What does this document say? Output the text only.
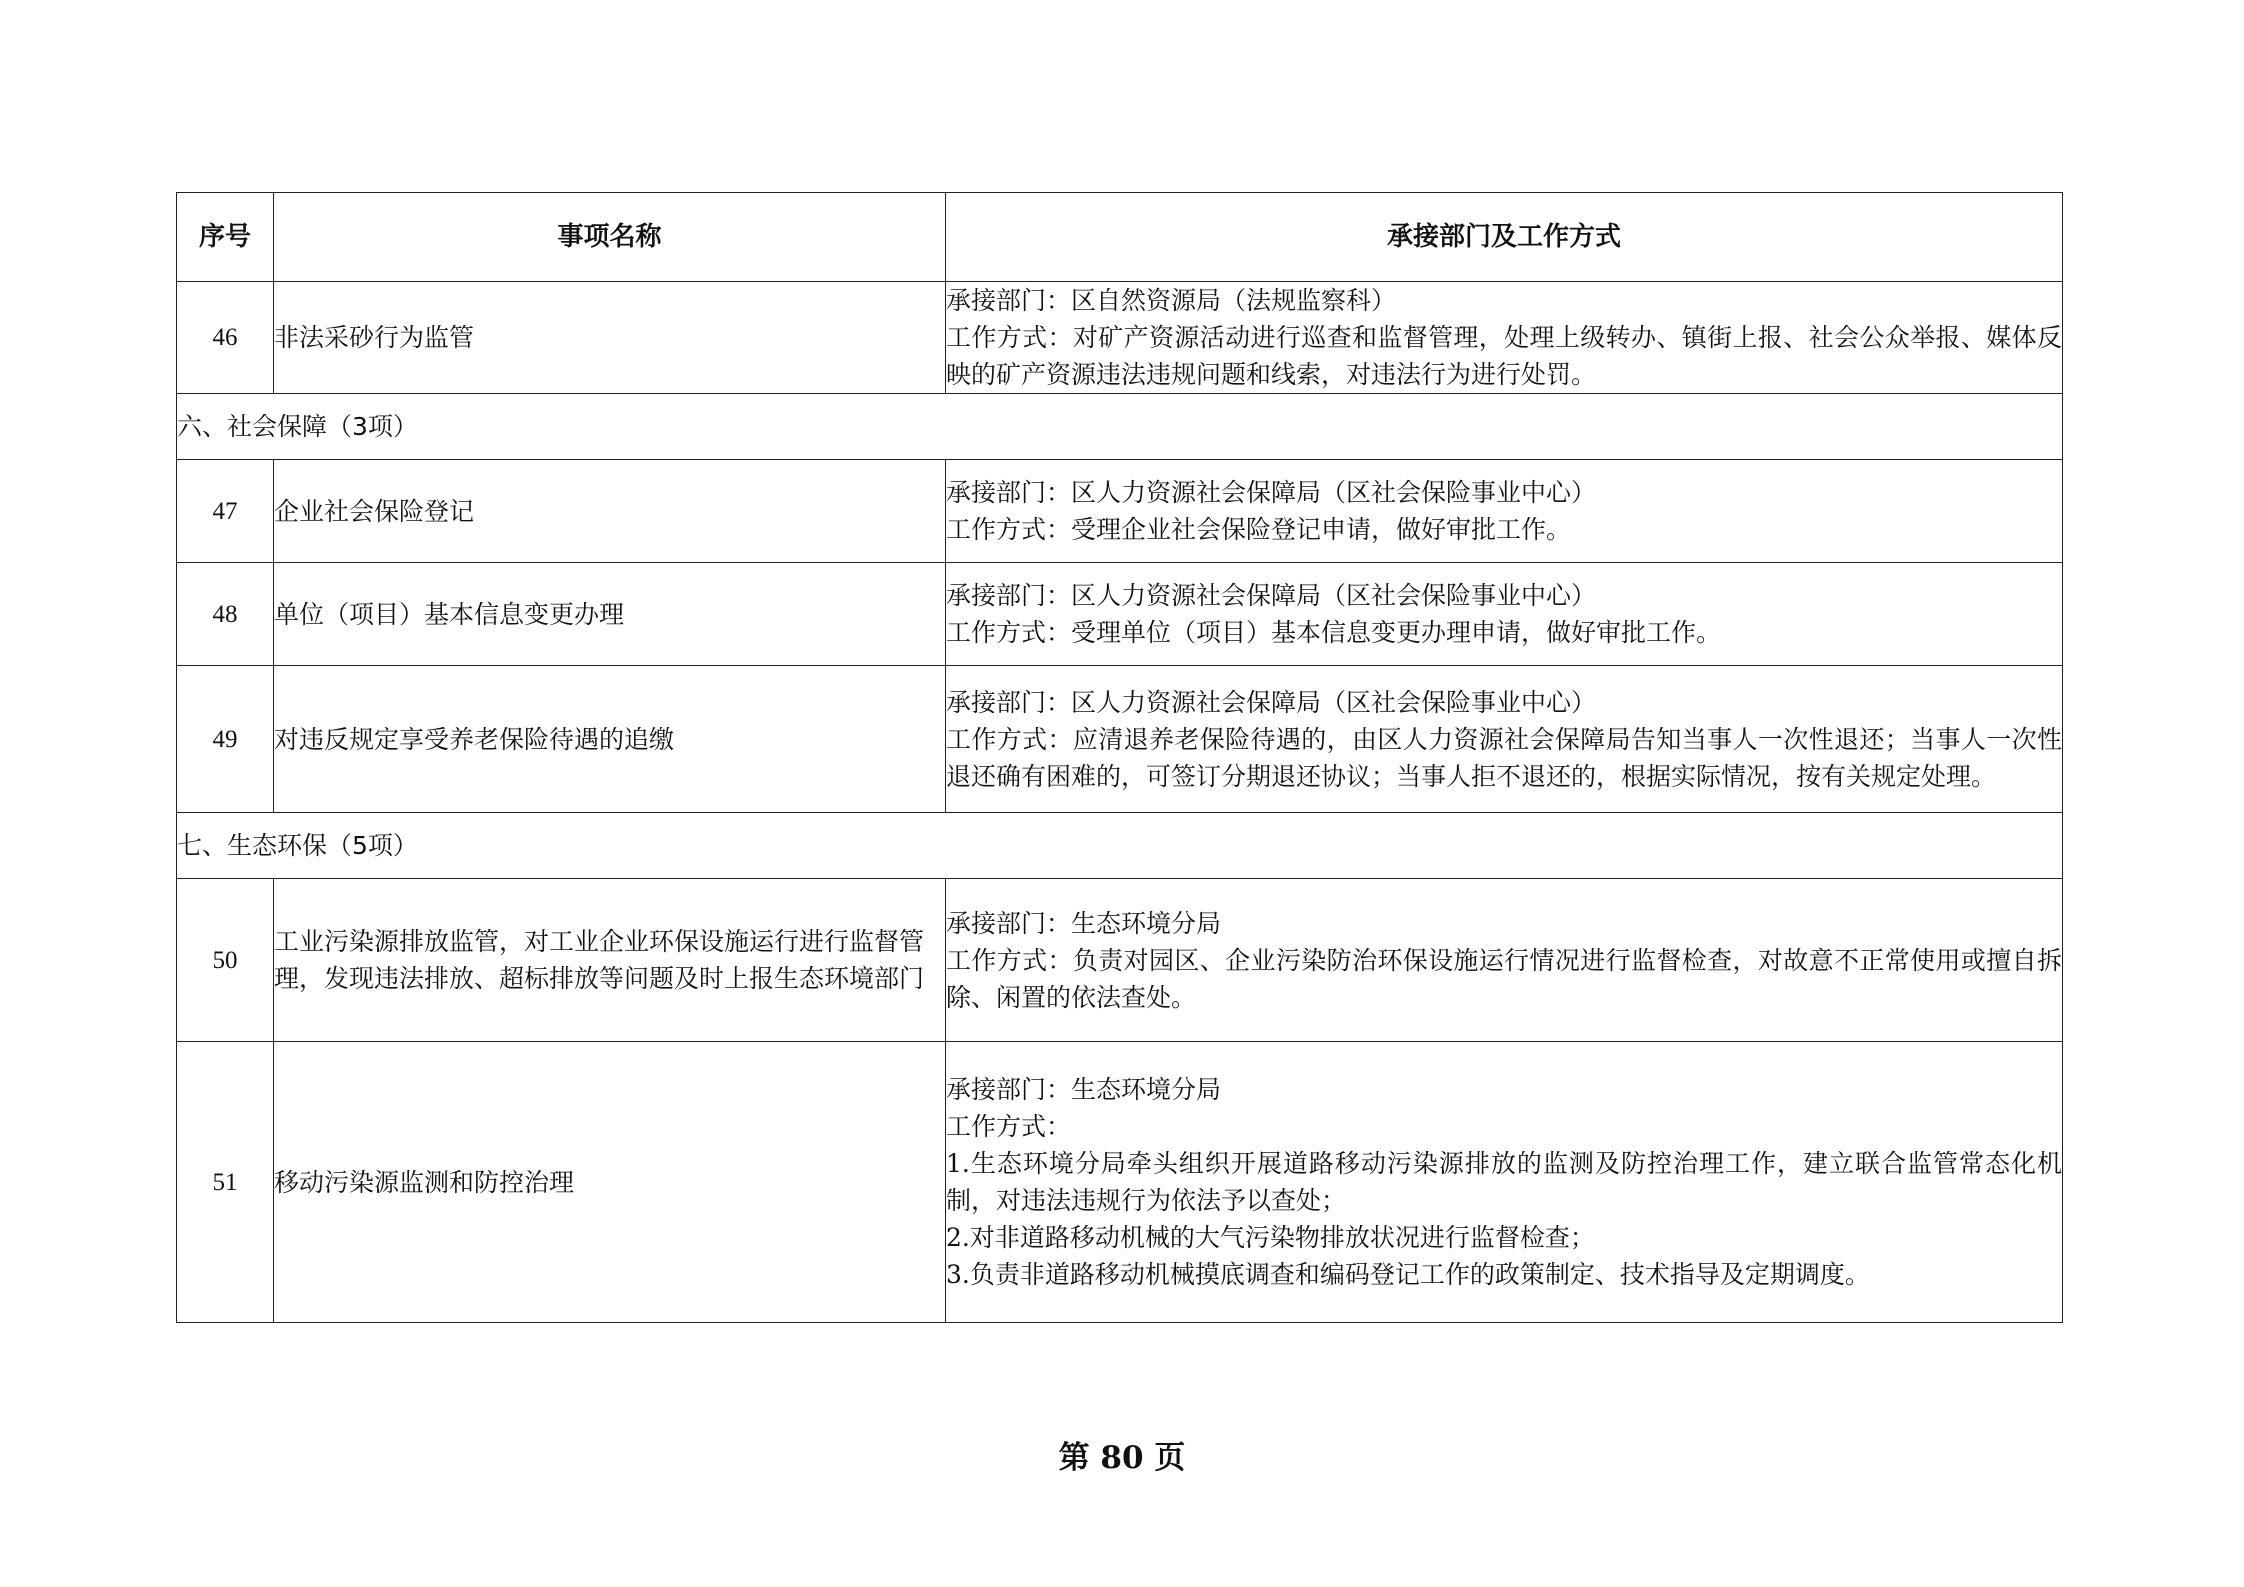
序号	事项名称	承接部门及工作方式
46	非法采砂行为监管	承接部门：区自然资源局（法规监察科）
工作方式：对矿产资源活动进行巡查和监督管理，处理上级转办、镇街上报、社会公众举报、媒体反映的矿产资源违法违规问题和线索，对违法行为进行处罚。

六、社会保障（3项）		
47	企业社会保险登记	承接部门：区人力资源社会保障局（区社会保险事业中心）
工作方式：受理企业社会保险登记申请，做好审批工作。

48	单位（项目）基本信息变更办理	承接部门：区人力资源社会保障局（区社会保险事业中心）
工作方式：受理单位（项目）基本信息变更办理申请，做好审批工作。

49	对违反规定享受养老保险待遇的追缴	承接部门：区人力资源社会保障局（区社会保险事业中心）
工作方式：应清退养老保险待遇的，由区人力资源社会保障局告知当事人一次性退还；当事人一次性退还确有困难的，可签订分期退还协议；当事人拒不退还的，根据实际情况，按有关规定处理。

七、生态环保（5项）		
50	工业污染源排放监管，对工业企业环保设施运行进行监督管理，发现违法排放、超标排放等问题及时上报生态环境部门	承接部门：生态环境分局
工作方式：负责对园区、企业污染防治环保设施运行情况进行监督检查，对故意不正常使用或擅自拆除、闲置的依法查处。

51	移动污染源监测和防控治理	承接部门：生态环境分局
工作方式：
1.生态环境分局牵头组织开展道路移动污染源排放的监测及防控治理工作，建立联合监管常态化机制，对违法违规行为依法予以查处；
2.对非道路移动机械的大气污染物排放状况进行监督检查；
3.负责非道路移动机械摸底调查和编码登记工作的政策制定、技术指导及定期调度。
第 80 页
